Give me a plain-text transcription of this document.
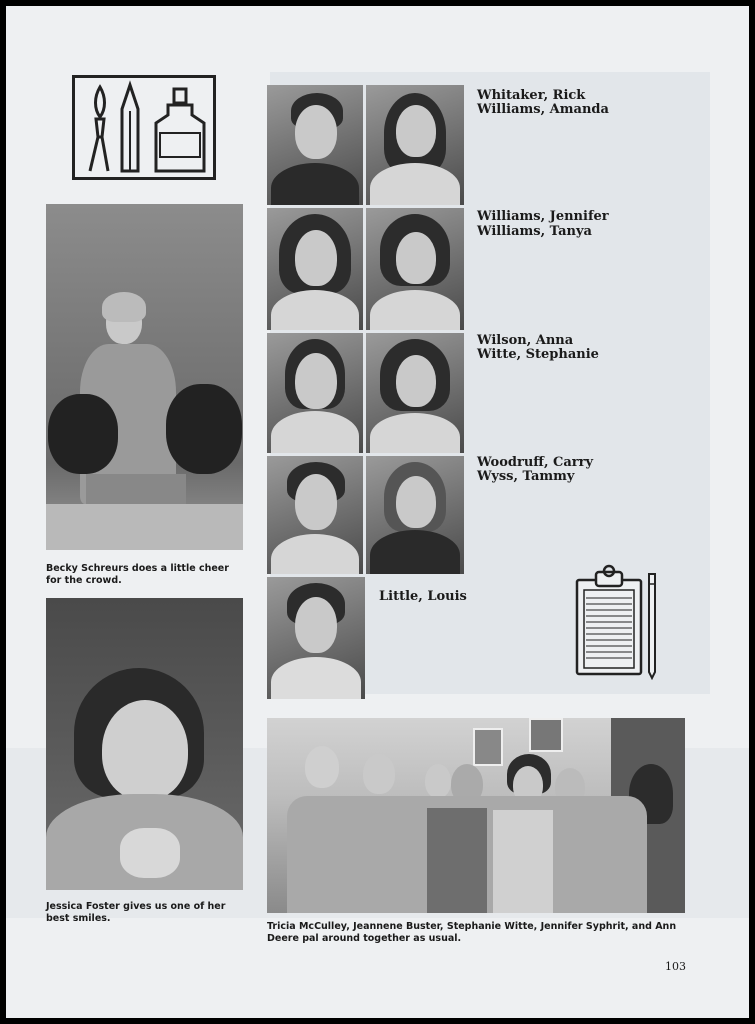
Becky Schreurs does a little cheer for the crowd.
Jessica Foster gives us one of her best smiles.
Whitaker, Rick
Williams, Amanda
Williams, Jennifer
Williams, Tanya
Wilson, Anna
Witte, Stephanie
Woodruff, Carry
Wyss, Tammy
Little, Louis
Tricia McCulley, Jeannene Buster, Stephanie Witte, Jennifer Syphrit, and Ann Deere pal around together as usual.
103
